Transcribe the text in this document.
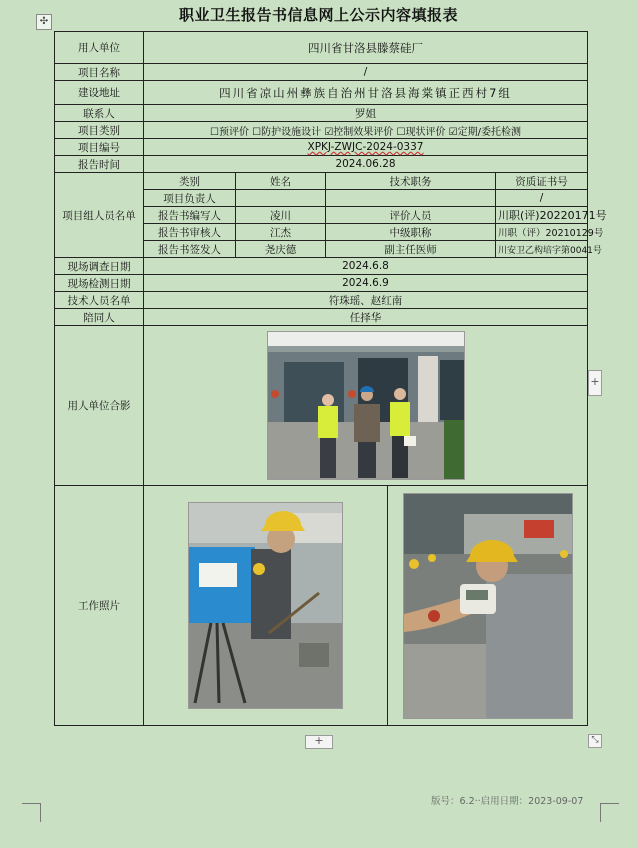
✣	职业卫生报告书信息网上公示内容填报表
用人单位	四川省甘洛县滕蔡硅厂				
项目名称	/				
建设地址	四川省凉山州彝族自治州甘洛县海棠镇正西村7组				
联系人	罗姐				
项目类别	☐预评价 ☐防护设施设计 ☑控制效果评价 ☐现状评价 ☑定期/委托检测				
项目编号	XPKJ-ZWJC-2024-0337				
报告时间	2024.06.28				
项目组人员名单	类别	姓名	技术职务		资质证书号
	项目负责人				/
	报告书编写人	凌川	评价人员		川职(评)20220171号
	报告书审核人	江杰	中级职称		川职（评）20210129号
	报告书签发人	尧庆德	副主任医师		川安卫乙构培字第0041号
现场调查日期	2024.6.8				
现场检测日期	2024.6.9				
技术人员名单	符珠瑶、赵红南				
陪同人	任择华				
用人单位合影	

工作照片	

+
+	⤡
版号：6.2··启用日期：2023-09-07
